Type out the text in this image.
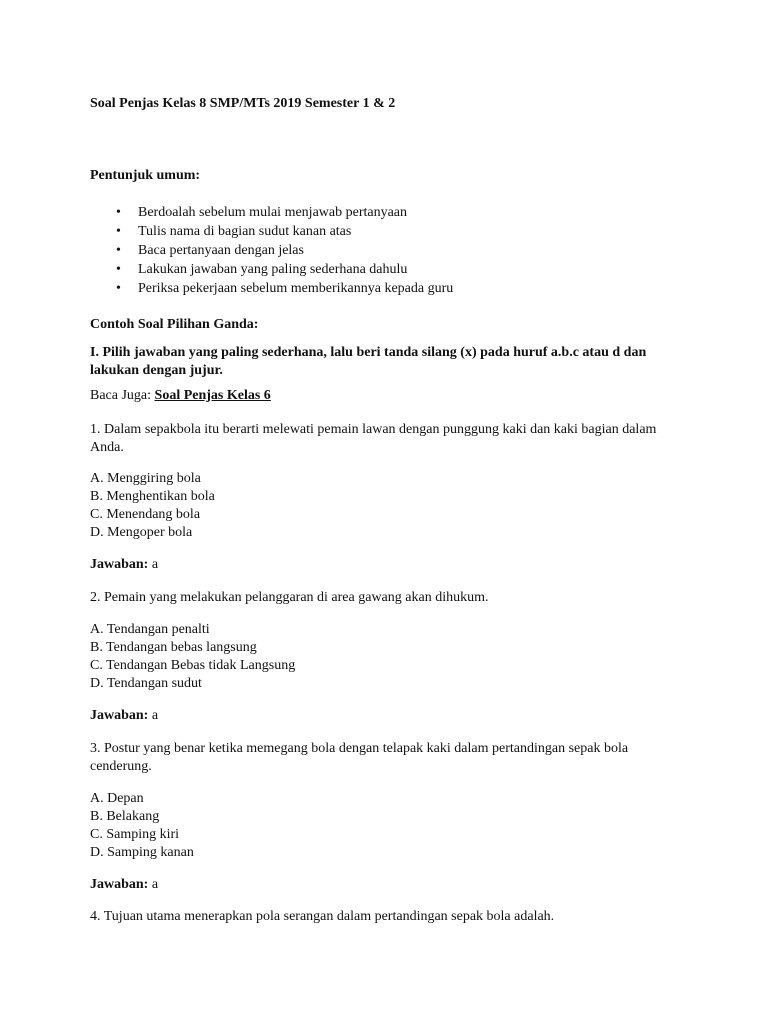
Soal Penjas Kelas 8 SMP/MTs 2019 Semester 1 & 2
Pentunjuk umum:
• Berdoalah sebelum mulai menjawab pertanyaan
• Tulis nama di bagian sudut kanan atas
• Baca pertanyaan dengan jelas
• Lakukan jawaban yang paling sederhana dahulu
• Periksa pekerjaan sebelum memberikannya kepada guru
Contoh Soal Pilihan Ganda:
I. Pilih jawaban yang paling sederhana, lalu beri tanda silang (x) pada huruf a.b.c atau d dan lakukan dengan jujur.
Baca Juga: Soal Penjas Kelas 6
1. Dalam sepakbola itu berarti melewati pemain lawan dengan punggung kaki dan kaki bagian dalam Anda.
A. Menggiring bola
B. Menghentikan bola
C. Menendang bola
D. Mengoper bola
Jawaban: a
2. Pemain yang melakukan pelanggaran di area gawang akan dihukum.
A. Tendangan penalti
B. Tendangan bebas langsung
C. Tendangan Bebas tidak Langsung
D. Tendangan sudut
Jawaban: a
3. Postur yang benar ketika memegang bola dengan telapak kaki dalam pertandingan sepak bola cenderung.
A. Depan
B. Belakang
C. Samping kiri
D. Samping kanan
Jawaban: a
4. Tujuan utama menerapkan pola serangan dalam pertandingan sepak bola adalah.
